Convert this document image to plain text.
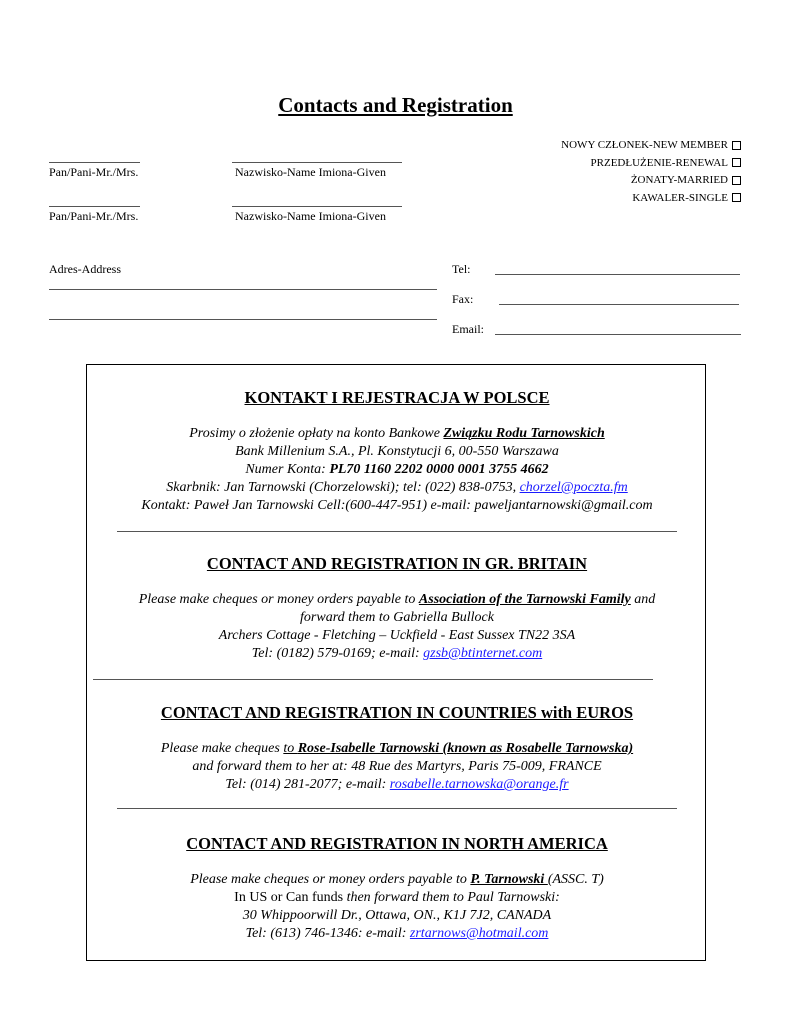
Contacts and Registration
NOWY CZŁONEK-NEW MEMBER
PRZEDŁUŻENIE-RENEWAL
ŻONATY-MARRIED
KAWALER-SINGLE
Pan/Pani-Mr./Mrs.	Nazwisko-Name Imiona-Given
Pan/Pani-Mr./Mrs.	Nazwisko-Name Imiona-Given
Adres-Address	Tel:
Fax:
Email:
KONTAKT I REJESTRACJA W POLSCE
Prosimy o złożenie opłaty na konto Bankowe Związku Rodu Tarnowskich
Bank Millenium S.A., Pl. Konstytucji 6, 00-550 Warszawa
Numer Konta: PL70 1160 2202 0000 0001 3755 4662
Skarbnik: Jan Tarnowski (Chorzelowski); tel: (022) 838-0753, chorzel@poczta.fm
Kontakt: Paweł Jan Tarnowski Cell:(600-447-951) e-mail: paweljantarnowski@gmail.com
CONTACT AND REGISTRATION IN GR. BRITAIN
Please make cheques or money orders payable to Association of the Tarnowski Family and
forward them to Gabriella Bullock
Archers Cottage - Fletching – Uckfield - East Sussex TN22 3SA
Tel: (0182) 579-0169; e-mail: gzsb@btinternet.com
CONTACT AND REGISTRATION IN COUNTRIES with EUROS
Please make cheques to Rose-Isabelle Tarnowski (known as Rosabelle Tarnowska)
and forward them to her at: 48 Rue des Martyrs, Paris 75-009, FRANCE
Tel: (014) 281-2077; e-mail: rosabelle.tarnowska@orange.fr
CONTACT AND REGISTRATION IN NORTH AMERICA
Please make cheques or money orders payable to P. Tarnowski (ASSC. T)
In US or Can funds then forward them to Paul Tarnowski:
30 Whippoorwill Dr., Ottawa, ON., K1J 7J2, CANADA
Tel: (613) 746-1346: e-mail: zrtarnows@hotmail.com
